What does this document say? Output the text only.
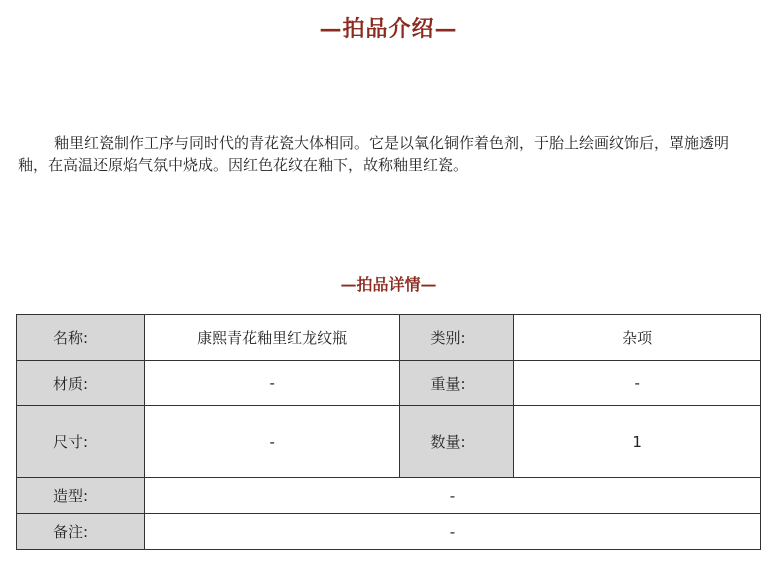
—拍品介绍—

釉里红瓷制作工序与同时代的青花瓷大体相同。它是以氧化铜作着色剂，于胎上绘画纹饰后，罩施透明釉，在高温还原焰气氛中烧成。因红色花纹在釉下，故称釉里红瓷。

—拍品详情—
名称:	康熙青花釉里红龙纹瓶	类别:	杂项
材质:	-	重量:	-
尺寸:	-	数量:	1
造型:	-		
备注:	-		
